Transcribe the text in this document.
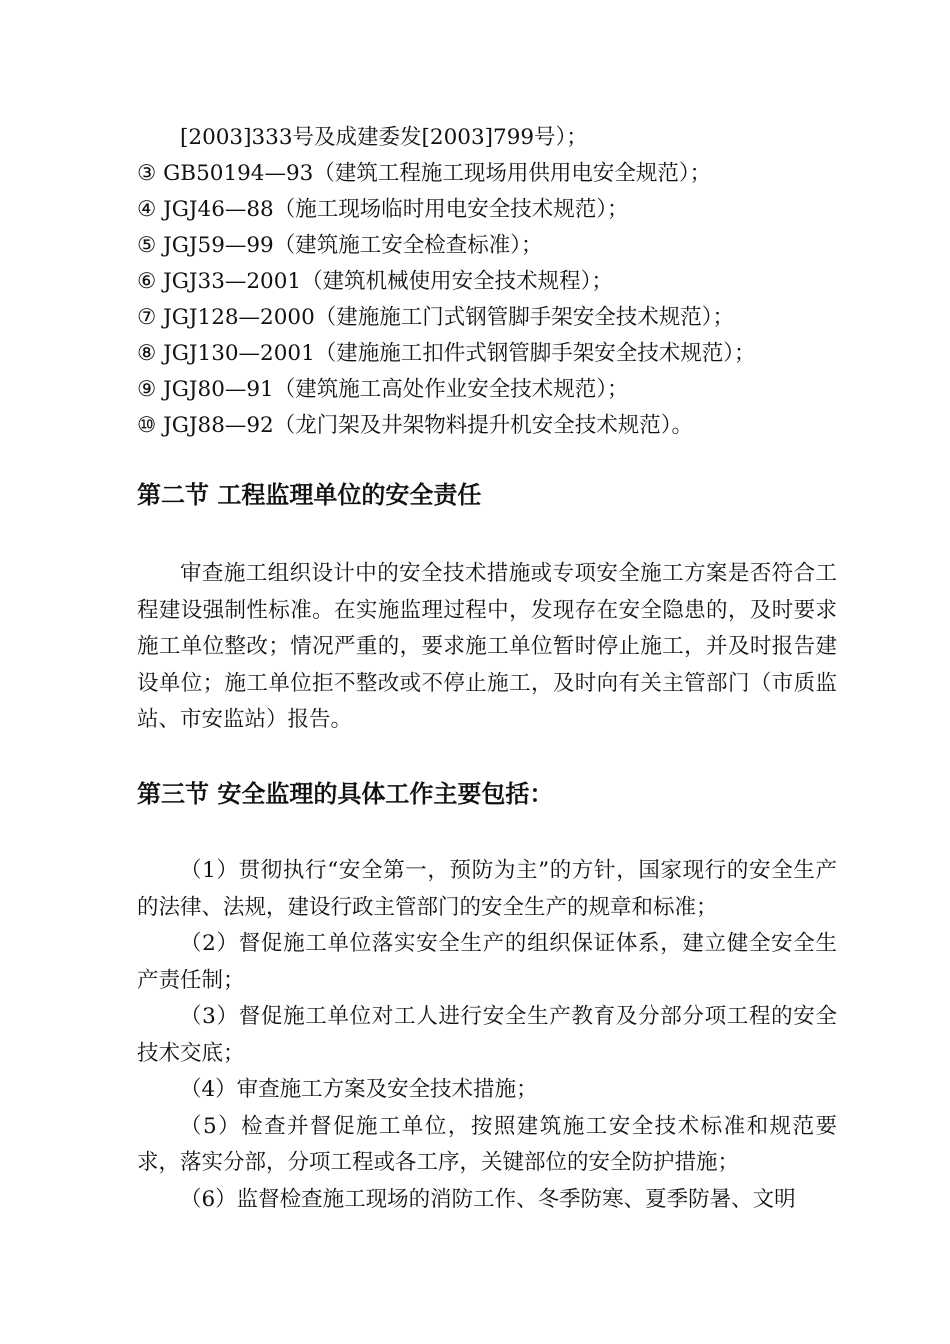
[2003]333号及成建委发[2003]799号）；
③ GB50194—93（建筑工程施工现场用供用电安全规范）；
④ JGJ46—88（施工现场临时用电安全技术规范）；
⑤ JGJ59—99（建筑施工安全检查标准）；
⑥ JGJ33—2001（建筑机械使用安全技术规程）；
⑦ JGJ128—2000（建施施工门式钢管脚手架安全技术规范）；
⑧ JGJ130—2001（建施施工扣件式钢管脚手架安全技术规范）；
⑨ JGJ80—91（建筑施工高处作业安全技术规范）；
⑩ JGJ88—92（龙门架及井架物料提升机安全技术规范）。
第二节 工程监理单位的安全责任

审查施工组织设计中的安全技术措施或专项安全施工方案是否符合工程建设强制性标准。在实施监理过程中，发现存在安全隐患的，及时要求施工单位整改；情况严重的，要求施工单位暂时停止施工，并及时报告建设单位；施工单位拒不整改或不停止施工，及时向有关主管部门（市质监站、市安监站）报告。

第三节 安全监理的具体工作主要包括：

（1）贯彻执行“安全第一，预防为主”的方针，国家现行的安全生产的法律、法规，建设行政主管部门的安全生产的规章和标准；

（2）督促施工单位落实安全生产的组织保证体系，建立健全安全生产责任制；

（3）督促施工单位对工人进行安全生产教育及分部分项工程的安全技术交底；

（4）审查施工方案及安全技术措施；

（5）检查并督促施工单位，按照建筑施工安全技术标准和规范要求，落实分部，分项工程或各工序，关键部位的安全防护措施；

（6）监督检查施工现场的消防工作、冬季防寒、夏季防暑、文明
